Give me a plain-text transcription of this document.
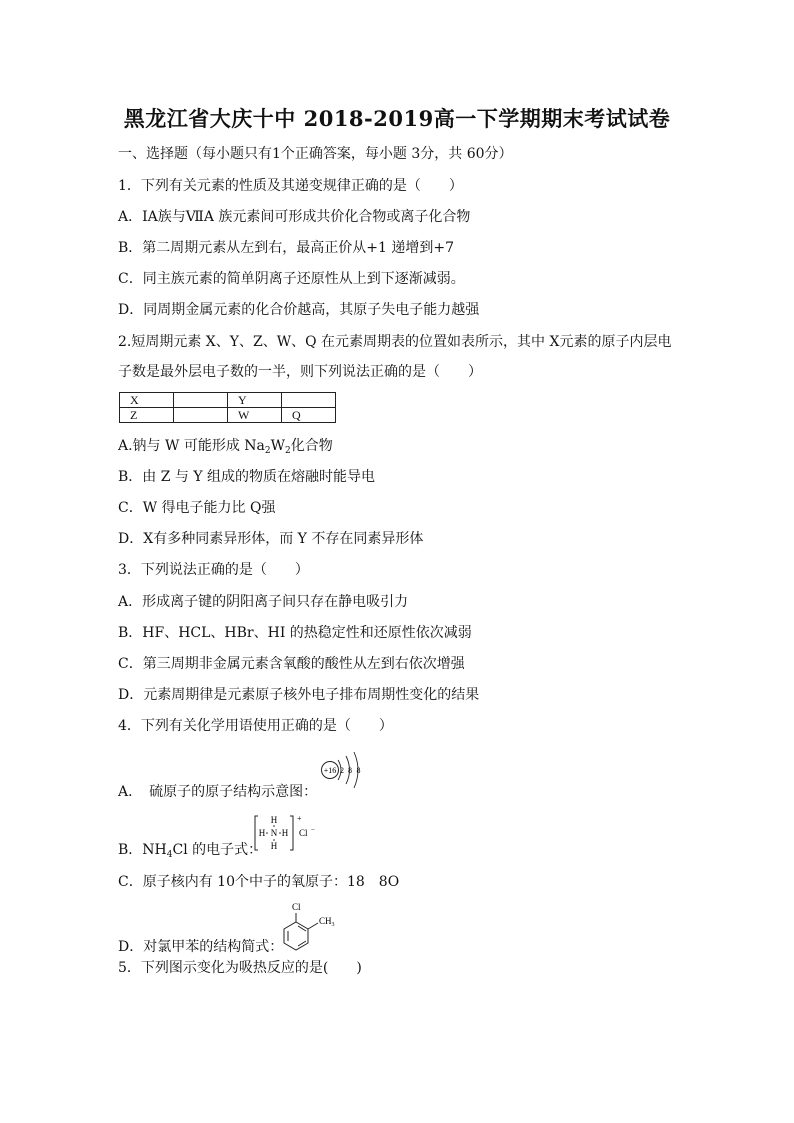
黑龙江省大庆十中 2018-2019高一下学期期末考试试卷
一、选择题（每小题只有1个正确答案，每小题 3分，共 60分）
1．下列有关元素的性质及其递变规律正确的是（　　）
A．IA族与ⅦA 族元素间可形成共价化合物或离子化合物
B．第二周期元素从左到右，最高正价从+1 递增到+7
C．同主族元素的简单阴离子还原性从上到下逐渐减弱。
D．同周期金属元素的化合价越高，其原子失电子能力越强
2.短周期元素 X、Y、Z、W、Q 在元素周期表的位置如表所示，其中 X元素的原子内层电
子数是最外层电子数的一半，则下列说法正确的是（　　）
X		Y	
Z		W	Q
A.钠与 W 可能形成 $Na_2W_2$化合物
B．由 Z 与 Y 组成的物质在熔融时能导电
C．W 得电子能力比 Q强
D．X有多种同素异形体，而 Y 不存在同素异形体
3．下列说法正确的是（　　）
A．形成离子键的阴阳离子间只存在静电吸引力
B．HF、HCL、HBr、HI 的热稳定性和还原性依次减弱
C．第三周期非金属元素含氧酸的酸性从左到右依次增强
D．元素周期律是元素原子核外电子排布周期性变化的结果
4．下列有关化学用语使用正确的是（　　）
+16 2 8 8
A．　硫原子的原子结构示意图：
H
H N H
H
+
Cl −
B．$NH_4Cl$ 的电子式：
C．原子核内有 10个中子的氧原子：18　8O
Cl
$CH_3$
D．对氯甲苯的结构简式：
5．下列图示变化为吸热反应的是(　　)
